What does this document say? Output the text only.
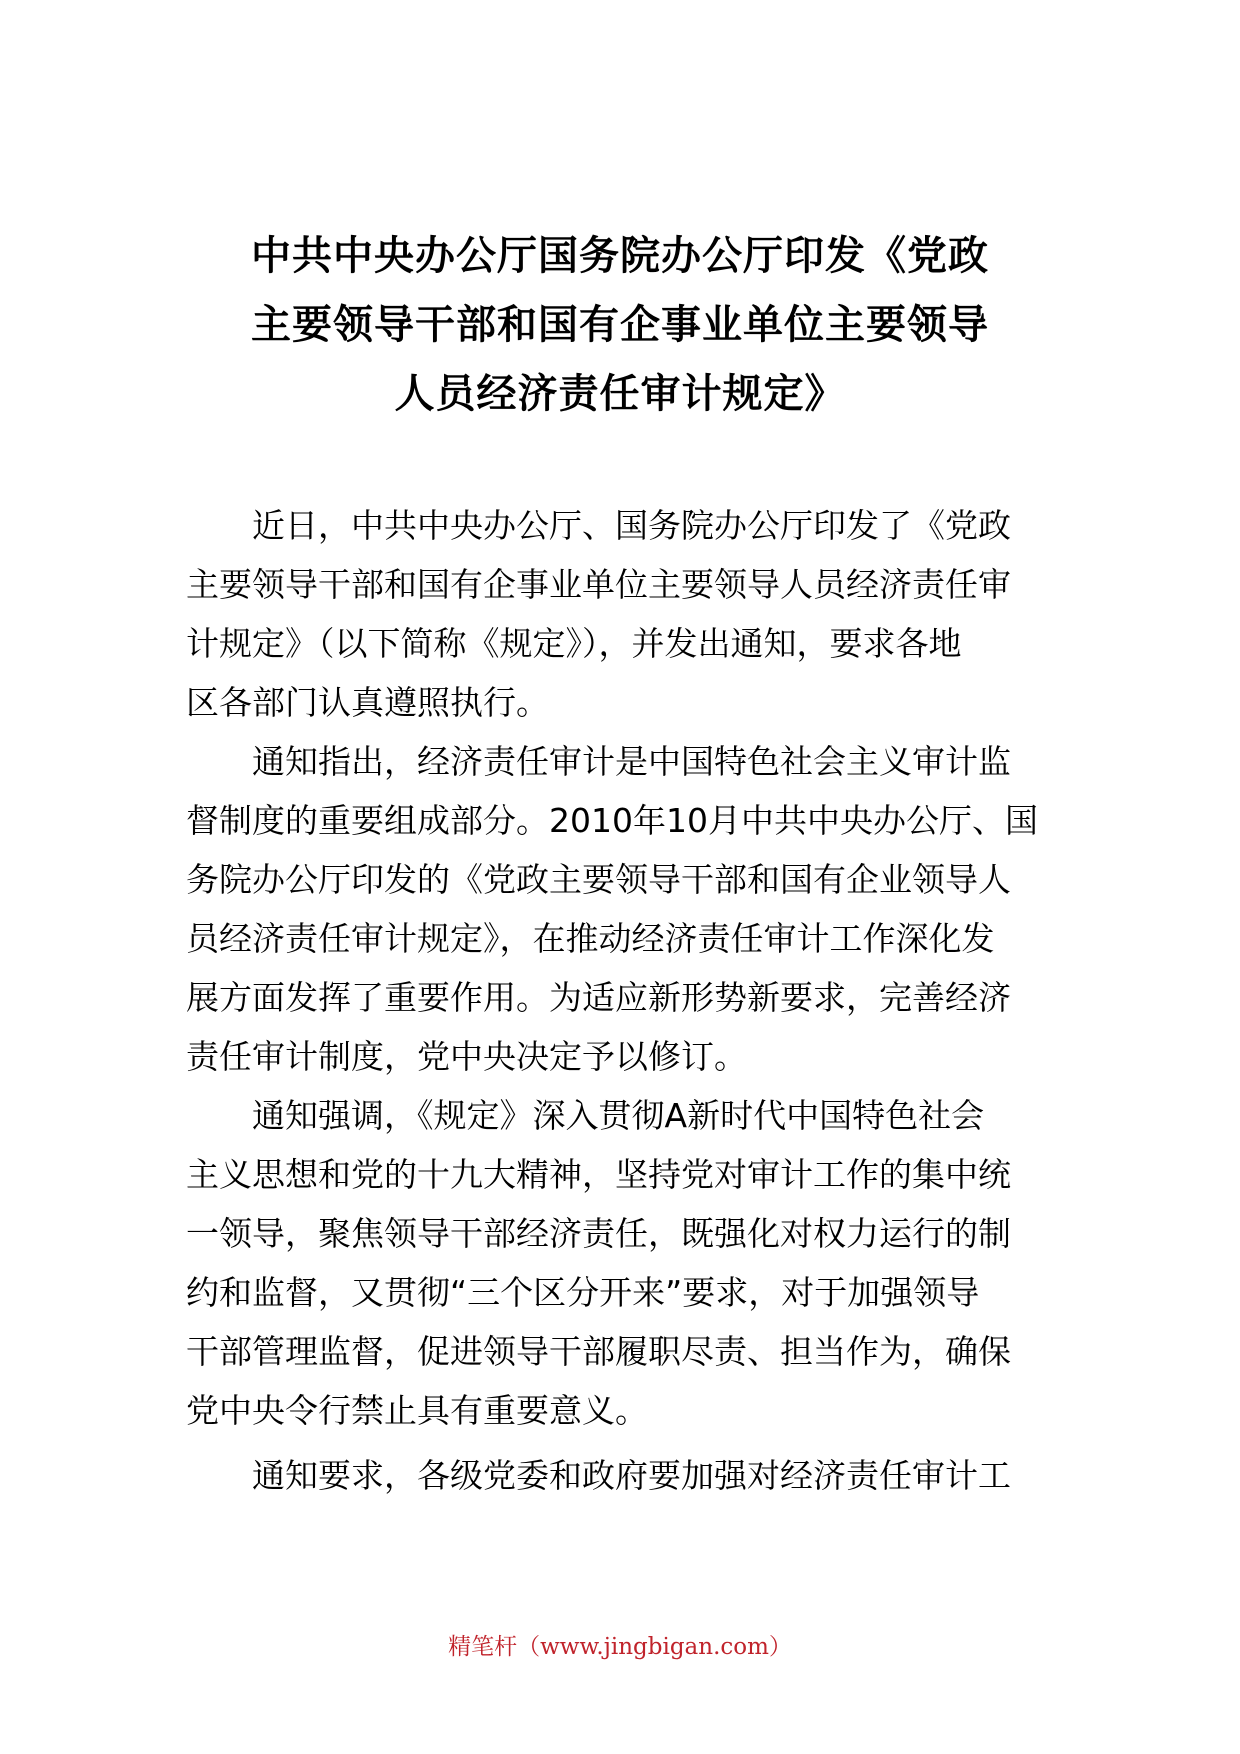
中共中央办公厅国务院办公厅印发《党政
主要领导干部和国有企事业单位主要领导
人员经济责任审计规定》
近日，中共中央办公厅、国务院办公厅印发了《党政
主要领导干部和国有企事业单位主要领导人员经济责任审
计规定》（以下简称《规定》），并发出通知，要求各地
区各部门认真遵照执行。
通知指出，经济责任审计是中国特色社会主义审计监
督制度的重要组成部分。2010年10月中共中央办公厅、国
务院办公厅印发的《党政主要领导干部和国有企业领导人
员经济责任审计规定》，在推动经济责任审计工作深化发
展方面发挥了重要作用。为适应新形势新要求，完善经济
责任审计制度，党中央决定予以修订。
通知强调，《规定》深入贯彻A新时代中国特色社会
主义思想和党的十九大精神，坚持党对审计工作的集中统
一领导，聚焦领导干部经济责任，既强化对权力运行的制
约和监督，又贯彻“三个区分开来”要求，对于加强领导
干部管理监督，促进领导干部履职尽责、担当作为，确保
党中央令行禁止具有重要意义。
通知要求，各级党委和政府要加强对经济责任审计工
精笔杆（www.jingbigan.com）
